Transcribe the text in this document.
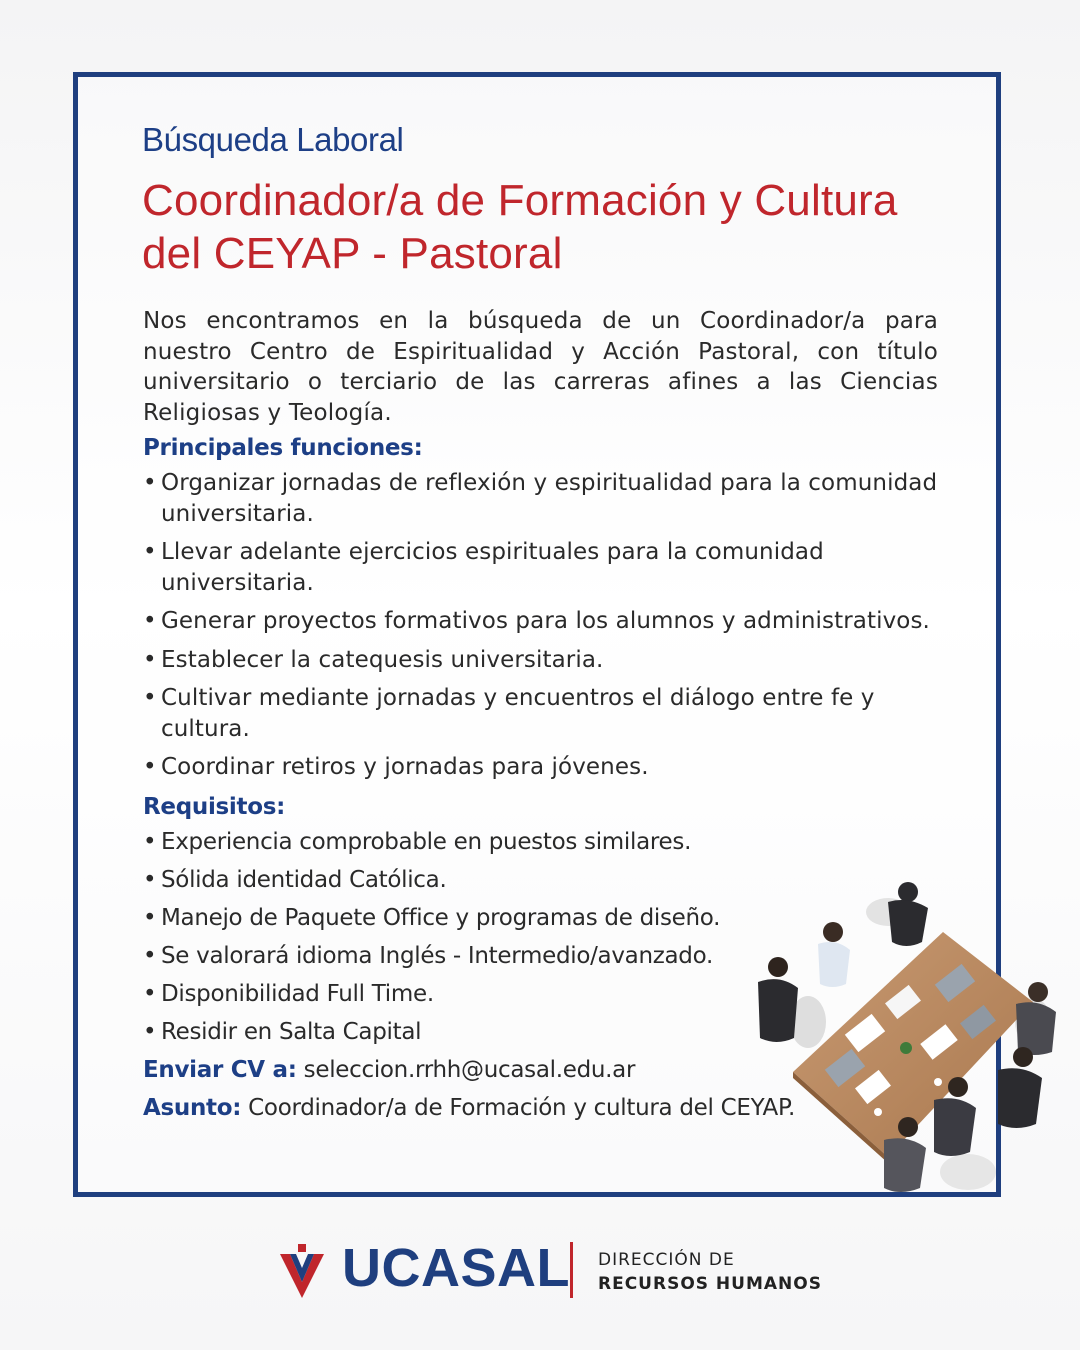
Búsqueda Laboral
Coordinador/a de Formación y Cultura
del CEYAP - Pastoral

Nos encontramos en la búsqueda de un Coordinador/a para nuestro Centro de Espiritualidad y Acción Pastoral, con título universitario o terciario de las carreras afines a las Ciencias Religiosas y Teología.

Principales funciones:
• Organizar jornadas de reflexión y espiritualidad para la comunidad universitaria.
• Llevar adelante ejercicios espirituales para la comunidad universitaria.
• Generar proyectos formativos para los alumnos y administrativos.
• Establecer la catequesis universitaria.
• Cultivar mediante jornadas y encuentros el diálogo entre fe y cultura.
• Coordinar retiros y jornadas para jóvenes.
Requisitos:
• Experiencia comprobable en puestos similares.
• Sólida identidad Católica.
• Manejo de Paquete Office y programas de diseño.
• Se valorará idioma Inglés - Intermedio/avanzado.
• Disponibilidad Full Time.
• Residir en Salta Capital
Enviar CV a: seleccion.rrhh@ucasal.edu.ar
Asunto: Coordinador/a de Formación y cultura del CEYAP.
UCASAL DIRECCIÓN DE
RECURSOS HUMANOS
